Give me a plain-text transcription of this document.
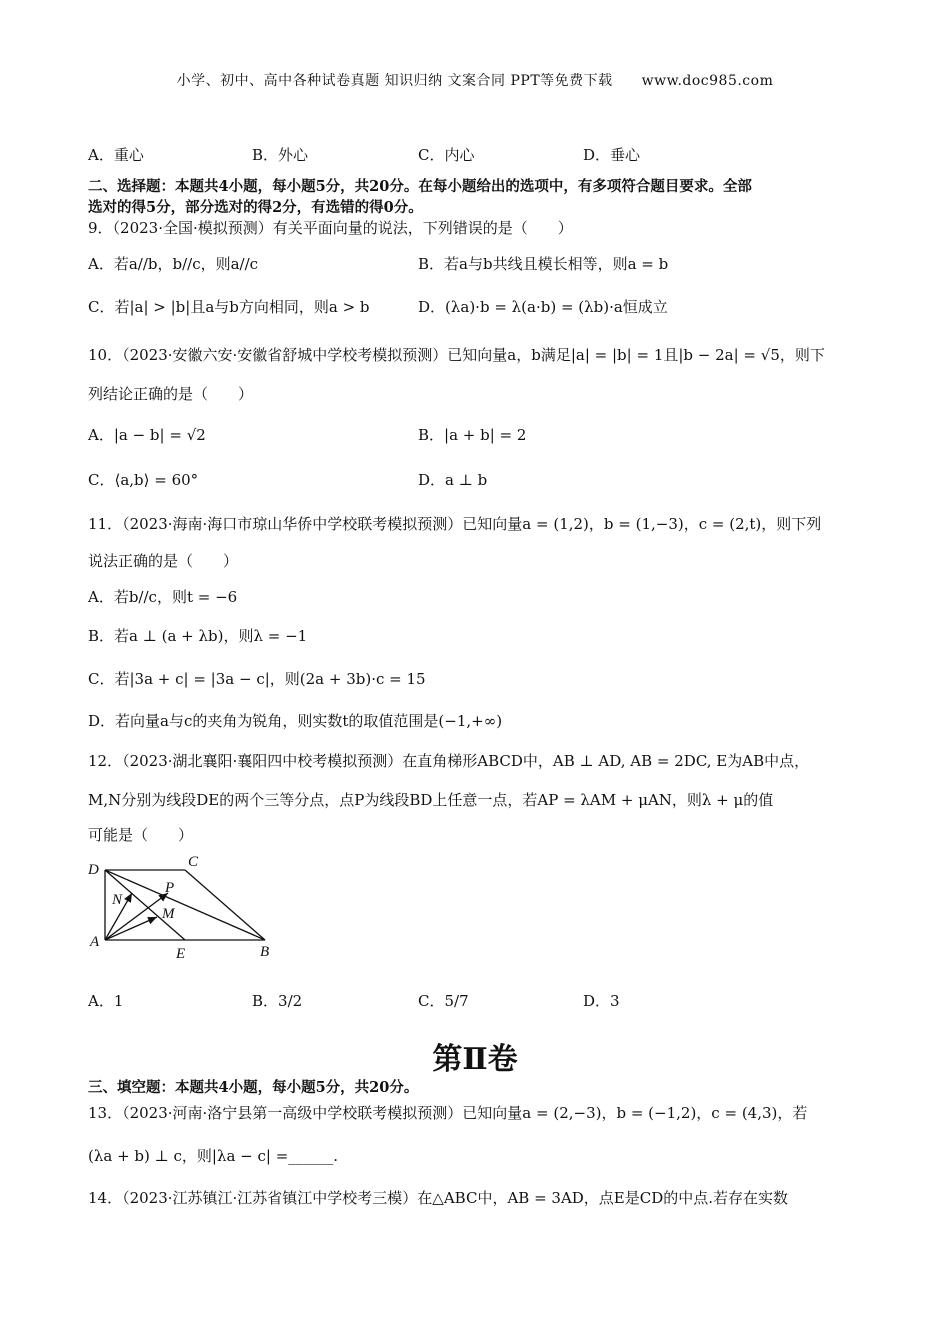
小学、初中、高中各种试卷真题 知识归纳 文案合同 PPT等免费下载　　www.doc985.com
A．重心	B．外心	C．内心	D．垂心
二、选择题：本题共4小题，每小题5分，共20分。在每小题给出的选项中，有多项符合题目要求。全部
选对的得5分，部分选对的得2分，有选错的得0分。
9．（2023·全国·模拟预测）有关平面向量的说法，下列错误的是（　　）
A．若a//b，b//c，则a//c	B．若a与b共线且模长相等，则a = b
C．若|a| > |b|且a与b方向相同，则a > b	D．(λa)·b = λ(a·b) = (λb)·a恒成立
10．（2023·安徽六安·安徽省舒城中学校考模拟预测）已知向量a，b满足|a| = |b| = 1且|b − 2a| = √5，则下
列结论正确的是（　　）
A．|a − b| = √2	B．|a + b| = 2
C．⟨a,b⟩ = 60°	D．a ⊥ b
11．（2023·海南·海口市琼山华侨中学校联考模拟预测）已知向量a = (1,2)，b = (1,−3)，c = (2,t)，则下列
说法正确的是（　　）
A．若b//c，则t = −6
B．若a ⊥ (a + λb)，则λ = −1
C．若|3a + c| = |3a − c|，则(2a + 3b)·c = 15
D．若向量a与c的夹角为锐角，则实数t的取值范围是(−1,+∞)
12．（2023·湖北襄阳·襄阳四中校考模拟预测）在直角梯形ABCD中，AB ⊥ AD, AB = 2DC, E为AB中点，
M,N分别为线段DE的两个三等分点，点P为线段BD上任意一点，若AP = λAM + μAN，则λ + μ的值
可能是（　　）
D	C
N
P
M
A
E	B
A．1	B．3/2	C．5/7	D．3
第Ⅱ卷
三、填空题：本题共4小题，每小题5分，共20分。
13．（2023·河南·洛宁县第一高级中学校联考模拟预测）已知向量a = (2,−3)，b = (−1,2)，c = (4,3)，若
(λa + b) ⊥ c，则|λa − c| =______.
14．（2023·江苏镇江·江苏省镇江中学校考三模）在△ABC中，AB = 3AD，点E是CD的中点.若存在实数
